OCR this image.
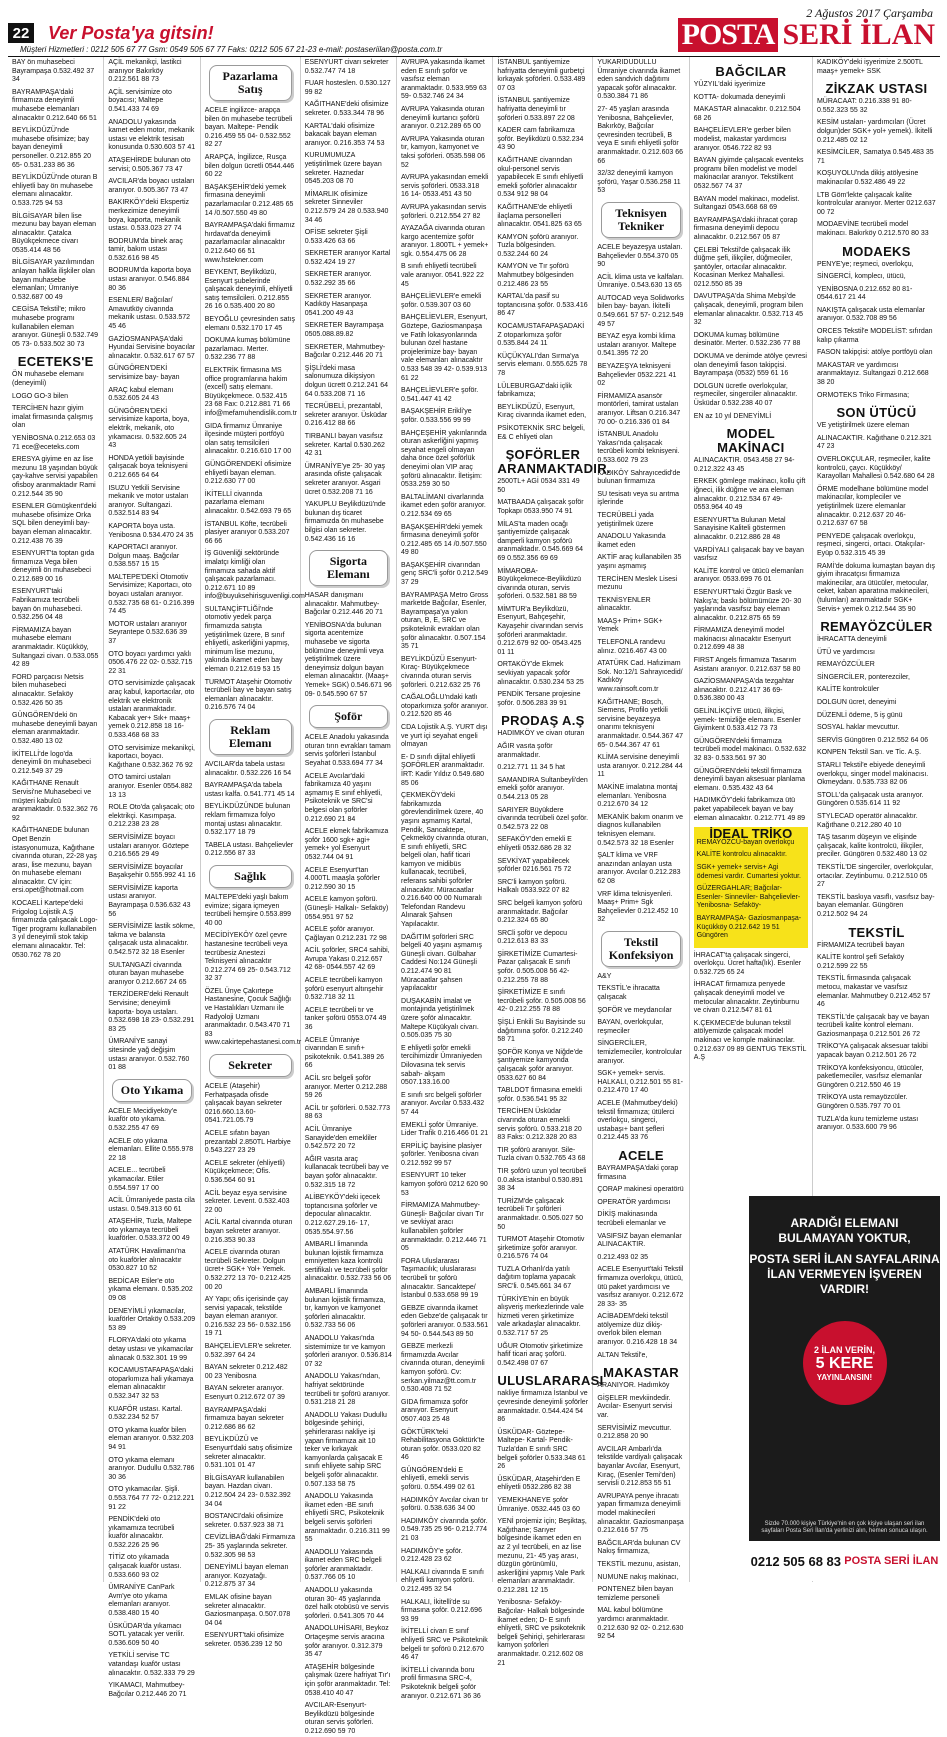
2 Ağustos 2017 Çarşamba
22 Ver Posta'ya gitsin!	POSTA SERİ İLAN
Müşteri Hizmetleri : 0212 505 67 77 Gsm: 0549 505 67 77 Faks: 0212 505 67 21-23 e-mail: postaseriilan@posta.com.tr
BAY ön muhasebeci Bayrampaşa 0.532.492 37 34
BAYRAMPAŞA'daki firmamıza deneyimli muhasebe elemanları alınacaktır 0.212.640 66 51
BEYLİKDÜZÜ'nde muhasebe ofisimize; bay bayan deneyimli personeller. 0.212.855 20 65- 0.531.233 86 36
BEYLİKDÜZÜ'nde oturan B ehliyetli bay ön muhasebe elemanı alınacaktır. 0.533.725 94 53
BİLGİSAYAR bilen lise mezunu bay bayan eleman alınacaktır. Çatalca Büyükçekmece civarı 0535.414 48 56
BİLGİSAYAR yazılımından anlayan halkla ilişkiler olan bayan muhasebe elemanları; Ümraniye 0.532.687 00 49
CEGİSA Tekstil'e; mikro muhasebe programı kullanabilen eleman aranıyor. Güneşli 0.532.749 05 73- 0.533.502 30 73
ECETEKS'E
ÖN muhasebe elemanı (deneyimli)
LOGO GO-3 bilen
TERCİHEN hazır giyim imalat firmasında çalışmış olan
YENİBOSNA 0.212.653 03 71 ece@eceteks.com
ERESYA giyime en az lise mezunu 18 yaşından büyük çay-kahve servisi yapabilen ofisboy aranmaktadır Rami 0.212.544 35 90
ESENLER Gümüşkent'deki muhasebe ofisimize Orka SQL bilen deneyimli bay- bayan eleman alınacaktır. 0.212.438 76 39
ESENYURT'ta toptan gıda firmamıza Vega bilen deneyimli ön muhasebeci 0.212.689 00 16
ESENYURT'taki Fabrikamıza tecrübeli bayan ön muhasebeci. 0.532.256 04 48
FİRMAMIZA bayan muhasebe elemanı aranmaktadır. Küçükköy, Sultangazi civarı. 0.533.055 42 89
FORD parçacısı Netsis bilen muhasebeci alınacaktır. Sefaköy 0.532.426 50 35
GÜNGÖREN'deki ön muhasebe deneyimli bayan eleman aranmaktadır. 0.532.480 13 02
İKİTELLİ'de logo'da deneyimli ön muhasebeci 0.212.549 37 29
KAĞITHANE Renault Servisi'ne Muhasebeci ve müşteri kabulcü aranmaktadır. 0.532.362 76 92
KAĞITHANEDE bulunan Opet Benzin istasyonumuza, Kağıthane civarında oturan, 22-28 yaş arası, lise mezunu, bayan ön muhasebe elemanı alınacaktır. CV için: ersi.opet@hotmail.com
KOCAELİ Kartepe'deki Frigolog Lojistik A.Ş firmamızda çalışacak Logo-Tiger programı kullanabilen 3 yıl deneyimli stok takip elemanı alınacaktır. Tel: 0530.762 78 20
AÇİL mekanikçi, lastikci aranıyor Bakırköy 0.212.561 88 73
AÇİL servisimize oto boyacısı; Maltepe 0.541.433 74 69
ANADOLU yakasında kamet eden motor, mekanik ustası ve elektrik tesisatı konusunda 0.530.603 57 41
ATAŞEHİRDE bulunan oto servisi; 0.505.367 73 47
AVCILAR'da boyacı ustaları aranıyor. 0.505.367 73 47
BAKIRKÖY'deki Ekspertiz merkezimize deneyimli boya, kaporta, mekanik ustası. 0.533.023 27 74
BODRUM'da binek araç tamir, bakım ustası 0.532.616 98 45
BODRUM'da kaporta boya ustası aranıyor. 0.546.884 80 36
ESENLER/ Bağcılar/ Amavutköy civarında mekanik ustası. 0.533.572 45 46
GAZİOSMANPAŞA'daki Hyundai Servisine boyacılar alınacaktır. 0.532.617 67 57
GÜNGÖREN'DEKİ servisimize bay- bayan
ARAÇ kabul elemanı 0.532.605 24 43
GÜNGÖREN'DEKİ servisimize kaporta, boya, elektrik, mekanik, oto yıkamacısı. 0.532.605 24 43
HONDA yetkili bayisinde çalışacak boya teknisyeni 0.212.665 64 64
ISUZU Yetkili Servisine mekanik ve motor ustaları aranıyor. Sultangazi. 0.532.514 83 94
KAPORTA boya usta. Yenibosna 0.534.470 24 35
KAPORTACI aranıyor. Dolgun maaş. Bağcılar 0.538.557 15 15
MALTEPE'DEKİ Otomotiv Servisimize; Kaportacı, oto boyacı ustaları aranıyor. 0.532.735 68 61- 0.216.399 74 45
MOTOR ustaları aranıyor Seyrantepe 0.532.636 39 37
OTO boyacı yardımcı yaklı 0506.476 22 02- 0.532.715 22 31
OTO servisimizde çalışacak araç kabul, kaportacılar, oto elektrik ve elektronik ustaları aranmaktadır. Kabacak yer+ Sık+ maaş+ yemek 0.212.858 18 16- 0.533.468 68 33
OTO servisimize mekanikçi, kaportacı, boyacı. Kağıthane 0.532.362 76 92
OTO tamirci ustaları aranıyor. Esenler 0554.882 13 13
ROLE Oto'da çalışacak; oto elektrikçi. Kasımpaşa. 0.212.238 23 28
SERVİSİMİZE boyacı ustaları aranıyor. Göztepe 0.216.565 29 49
SERVİSİMİZE boyacılar Başakşehir 0.555.992 41 16
SERVİSİMİZE kaporta ustası aranıyor. Bayrampaşa 0.536.632 43 56
SERVİSİMİZE lastik sökme, takma ve balansta çalışacak usta alınacaktır. 0.542.572 32 18 Esenler
SULTANGAZİ civarında oturan bayan muhasebe aranıyor 0.212.667 24 65
TERZİDERE'deki Renault Servisine; deneyimli kaporta- boya ustaları. 0.532.698 18 23- 0.532.291 83 25
ÜMRANİYE sanayi sitesinde yağ değişim ustası aranıyor. 0.532.760 01 88
Oto Yıkama
ACELE Mecidiyeköy'e kuaför oto yıkama. 0.532.255 47 69
ACELE oto yıkama elemanları. Ellite 0.555.978 22 18
ACELE... tecrübeli yıkamacılar. Etiler 0.554.597 17 00
ACİL Ümraniyede pasta cila ustası. 0.549.313 60 61
ATAŞEHİR, Tuzla, Maltepe oto yıkamaya tecrübeli kuaförler. 0.533.372 00 49
ATATÜRK Havalimanı'na oto kuaförler alınacaktır 0530.827 10 52
BEDİCAR Etiler'e oto yıkama elemanı. 0.535.202 09 08
DENEYİMLİ yıkamacılar, kuaförler Ortaköy 0.533.209 53 89
FLORYA'daki oto yıkama detay ustası ve yıkamacılar alınacak 0.532.301 19 99
KOCAMUSTAFAPAŞA'daki otoparkımıza hali yıkamaya eleman alınacaktır 0.532.347 32 53
KUAFÖR ustası. Kartal. 0.532.234 52 57
OTO yıkama kuaför bilen eleman aranıyor. 0.532.203 94 91
OTO yıkama elemanı aranıyor. Dudullu 0.532.786 30 36
OTO yıkamacılar. Şişli. 0.553.764 77 72- 0.212.221 91 22
PENDİK'deki oto yıkamamıza tecrübeli kuaför alınacaktır. 0.532.226 25 96
TİTİZ oto yıkamada çalışacak kuaför ustası. 0.533.660 93 02
ÜMRANİYE CanPark Avm'ye oto yıkama elemanları aranıyor. 0.538.480 15 40
ÜSKÜDAR'da yıkamacı SOTL yatacak yer verilir. 0.536.609 50 40
YETKİLİ servise TC vatandaşı kuaför ustası alınacaktır. 0.532.333 79 29
YIKAMACI, Mahmutbey-Bağcılar 0.212.446 20 71
Pazarlama Satış
ACELE ingilizce- arapça bilen ön muhasebe tecrübeli bayan. Maltepe- Pendik 0.216.459 55 04- 0.532.552 82 27
ARAPÇA, İngilizce, Rusça bilen dolgun ücretli 0544.446 60 22
BAŞAKŞEHİR'deki yemek firmasına deneyimli pazarlamacılar 0.212.485 65 14 /0.507.550 49 80
BAYRAMPAŞA'daki firmamız hırdavat'da deneyimli pazarlamacılar alınacaktır 0.212.640 66 51 www.hstekner.com
BEYKENT, Beylikdüzü, Esenyurt şubelerinde çalışacak deneyimli, ehliyetli satış temsilcileri. 0.212.855 26 16 0.535.400 20 80
BEYOĞLU çevresinden satış elemanı 0.532.170 17 45
DOKUMA kumaş bölümüne pazarlamacı. Merter. 0.532.236 77 88
ELEKTRİK firmasına MS office programlarına hakim (excell) satış elemanı. Büyükçekmece. 0.532.415 23 68 Fax: 0.212.881 71 66 info@mefamuhendislik.com.tr
GIDA firmamız Ümraniye ilçesinde müşteri portföyü olan satış temsilcileri alınacaktır. 0.216.610 17 00
GÜNGÖRENDEKİ ofisimize ehliyetli bayan eleman. 0.212.630 77 00
İKİTELLİ civarında pazarlama elemanı alınacaktır. 0.542.693 79 65
İSTANBUL Köfte, tecrübeli plasiyer aranıyor 0.533.207 66 66
İŞ Güvenliği sektöründe imalatçı kimliği olan firmamıza sahada aktif çalışacak pazarlamacı. 0.212.671 10 89 info@buyuksehirisguvenligi.com
SULTANÇİFTLİĞİ'nde otomotiv yedek parça firmamızda satışta yetiştirilmek üzere, B sınıf ehliyetli, askerliğini yapmış, minimum lise mezunu, yakında ikamet eden bay eleman 0.212.619 53 15
TURMOT Ataşehir Otomotiv tecrübeli bay ve bayan satış elemanları alınacaktır. 0.216.576 74 04
Reklam Elemanı
AVCILAR'da tabela ustası alınacaktır. 0.532.226 16 54
BAYRAMPAŞA'da tabela ustası kalfa. 0.541.771 45 14
BEYLİKDÜZÜNDE bulunan reklam firmamıza folyo montaj ustası alınacaktır. 0.532.177 18 79
TABELA ustası. Bahçelievler 0.212.556 87 33
Sağlık
MALTEPE'deki yaşlı bakım evimize; sigara içmeyen tecrübeli hemşire 0.553.899 40 00
MECİDİYEKÖY özel çevre hastanesine tecrübeli veya tecrübesiz Anestezi Teknisyeni alınacaktır 0.212.274 69 25- 0.543.712 32 37
ÖZEL Ünye Çakırtepe Hastanesine, Çocuk Sağlığı ve Hastalıkları Uzmanı ile Radyoloji Uzmanı aranmaktadır. 0.543.470 71 83 www.cakirtepehastanesi.com.tr
Sekreter
ACELE (Ataşehir) Ferhatpaşada ofisde çalışacak bayan sekreter 0216.660.13.60- 0541.721.05.79
ACELE sıfatın bayan prezantabl 2.850TL Harbiye 0.543.227 23 29
ACELE sekreter (ehliyetli) Küçükçekmece; Ofis. 0.536.564 60 91
ACİL beyaz eşya servisine sekreter. Levent. 0.532.403 22 00
ACİL Kartal civarında oturan bayan sekreter aranıyor. 0.216.353 90.33
ACELE civarında oturan tecrübeli Sekreter. Dolgun ücret+ SGK+ Yol+ Yemek. 0.532.272 13 70- 0.212.425 00 20
AY Yapı; ofis içerisinde çay servisi yapacak, tekstilde bayan eleman aranıyor. 0.216.532 23 56- 0.532.156 19 71
BAHÇELİEVLER'e sekreter. 0.532.397 64 24
BAYAN sekreter 0.212.482 00 23 Yenibosna
BAYAN sekreter aranıyor. Esenyurt 0.212.672 07 39
BAYRAMPAŞA'daki firmamıza bayan sekreter 0.212.686 86 62
BEYLİKDÜZÜ ve Esenyurt'daki satış ofisimize sekreter alınacaktır. 0.531.101 01 47
BİLGİSAYAR kullanabilen bayan. Hazdan civarı. 0.212.504 24 23- 0.532.392 34 04
BOSTANCI'daki ofisimize sekreter. 0.537.923 38 71
CEVİZLİBAĞ'daki Firmamıza 25- 35 yaşlarında sekreter. 0.532.305 98 53
DENEYİMLİ bayan eleman aranıyor. Kozyatağı. 0.212.875 37 34
EMLAK ofisine bayan sekreter alınacaktır. Gaziosmanpaşa. 0.507.078 04 04
ESENYURT'taki ofisimize sekreter. 0536.239 12 50
ESENYURT civarı sekreter 0.532.747 74 18
FUAR hosteslen. 0.530.127 99 82
KAĞITHANE'deki ofisimize sekreter. 0.533.344 78 96
KARTAL'daki ofisimize bakacak bayan eleman aranıyor. 0.216.353 74 53
KURUMUMUZA yetiştirilmek üzere bayan sekreter. Haznedar 0545.203 08 70
MİMARLIK ofisimize sekreter Sinneviler 0.212.579 24 28 0.533.940 34 46
OFİSE sekreter Şişli 0.533.426 63 66
SEKRETER aranıyor Kartal 0.532.424 19 27
SEKRETER aranıyor. 0.532.292 35 66
SEKRETER aranıyor. Kadıköy Hasanpaşa 0541.200 49 43
SEKRETER Bayrampaşa 0505.088.89.82
SEKRETER, Mahmutbey-Bağcılar 0.212.446 20 71
ŞİŞLİ'deki masa salonumuza dikişsiyon dolgun ücrett 0.212.241 64 64 0.533.208 71 16
TECRÜBELİ, prezantabl, sekreter aranıyor. Üsküdar 0.216.412 88 66
TIRBANLI bayan vasıfsız sekreter. Kartal 0.530.262 42 31
ÜMRANİYE'ye 25- 30 yaş arasında ofiste çalışacak sekreter aranıyor. Asgari ücret 0.532.208 71 16
YAKUPLU Beylikdüzü'nde bulunan dış ticaret firmamızda ön muhasebe bilgisi olan sekreter. 0.542.436 16 16
Sigorta Elemanı
HASAR danışmanı alınacaktır. Mahmutbey- Bağcılar 0.212.446 20 71
YENİBOSNA'da bulunan sigorta acentemize muhasebe ve sigorta bölümüne deneyimli veya yetiştirilmek üzere deneyimsiz dolgun bayan eleman alınacaktır. (Maaş+ Yemek+ SGK) 0.546.671 96 09- 0.545.590 67 57
Şoför
ACELE Anadolu yakasında oturan tırın evrakları tamam servis şoförleri İstanbul Seyahat 0.533.694 77 34
ACELE Avcılar'daki fabrikamıza 40 yaşını aşmamış E sınıf ehliyetli, Psikoteknik ve SRC'si belgesi olan şoförler 0.212.690 21 84
ACELE ekmek fabrikamıza şoför 1600 sgk+ agi+ yemek+ yol Esenyurt 0532.744 04 91
ACELE Esenyurt'tan 4.000TL maaşla şoförler 0.212.590 30 15
ACELE kamyon şoförü. (Güneşli- Halkalı- Sefaköy) 0554.951 97 52
ACELE şoför aranıyor. Çağlayan 0.212.231 72 98
ACİL şoförler, SRC4 sahibi, Avrupa Yakası 0.212.657 42 68- 0544.557 42 69
ACELE tecrübeli kamyon şoförü esenyurt altınşehir 0.532.718 32 11
ACELE tecrübeli tır ve tanker şoförü 0553.074 49 36
ACELE Ümraniye civarından E sınıfı+ psikoteknik. 0.541.389 26 66
ACİL src belgeli şoför aranıyor. Merter 0.212.288 59 26
ACİL tır şoförleri. 0.532.773 88 63
ACİL Ümraniye Sanayide'den emekliler 0.542.572 20 72
AĞIR vasıta araç kullanacak tecrübeli bay ve bayan şoför alınacaktır. 0.532.315 18 72
ALİBEYKÖY'deki içecek toptancısına şoförler ve depocular alınacaktır. 0.212.627.29.16- 17, 0535.554.97.56
AMBARLI limanında bulunan lojistik firmamıza emniyetten kaza kontrolü sertifikalı ve tecrübeli şoför alınacaktır. 0.532.733 56 06
AMBARLI limanında bulunan lojistik firmamıza, tır, kamyon ve kamyonet şoförleri alınacaktır. 0.532.733 56 06
ANADOLU Yakası'nda sistemimize tır ve kamyon şoförleri aranıyor. 0.536.814 07 32
ANADOLU Yakası'ndan, hafriyat sektöründe tecrübeli tır şoförü aranıyor. 0.531.218 21 28
ANADOLU Yakası Dudullu bölgesinde şehiriçi, şehirlerarası nakliye işi yapan firmamıza ait 10 teker ve kırkayak kamyonlarda çalışacak E sınıfı ehliyete sahip SRC belgeli şoför alınacaktır. 0.507.133 58 75
ANADOLU Yakasında ikamet eden -BE sınıfı ehliyetli SRC, Psikoteknik belgeli servis şoförleri aranmaktadır. 0.216.311 99 55
ANADOLU Yakasında ikamet eden SRC belgeli şoförler aranmaktadır. 0.537.766 05 10
ANADOLU yakasında oturan 30- 45 yaşlarında özel halk otobüsü ve servis şoförleri. 0.541.305 70 44
ANADOLUHİSARI, Beykoz Ortaçeşme servis aracına şoför aranıyor. 0.312.379 35 47
ATAŞEHİR bölgesinde çalışmak üzere hafriyat Tır'ı için şoför aranmaktadır. Tel: 0538.410 40 47
AVCILAR-Esenyurt-Beylikdüzü bölgesinde oturan servis şoförleri. 0.212.690 59 70
AVRUPA yakasında ikamet eden E sınıfı şoför ve vasıfsız eleman aranmaktadır. 0.533.959 63 59- 0.532.746 24 34
AVRUPA Yakasında oturan deneyimli kurtarıcı şoförü aranıyor. 0.212.289 65 00
AVRUPA Yakasında oturan tır, kamyon, kamyonet ve taksi şoförleri. 0535.598 06 52
AVRUPA yakasından emekli servis şoförleri. 0533.318 16 14- 0533.451 43 50
AVRUPA yakasından servis şoförleri. 0.212.554 27 82
AYAZAĞA civarında oturan kargo acentemize şoför aranıyor. 1.800TL + yemek+ sgk. 0.554.475 06 28
B sınıfı ehliyetli tecrübeli vale aranıyor. 0541.922 22 45
BAHÇELİEVLER'e emekli şoför. 0.539.307 03 60
BAHÇELİEVLER, Esenyurt, Göztepe, Gaziosmanpaşa ve Fatih lokasyonlarında bulunan özel hastane projelerimize bay- bayan vale elemanları alınacaktır 0.533 548 39 42- 0.539.913 61 22
BAHÇELİEVLER'e şoför. 0.541.447 41 42
BAŞAKŞEHİR Erikli'ye şoför. 0.533.556 99 99
BAHÇEŞEHİR yakınlarında oturan askerliğini yapmış seyahat engeli olmayan daha önce özel şoförlük deneyimi olan VIP araç şoförü alınacaktır. İletişim: 0533.259 30 50
BALTALİMANI civarlarında ikamet eden şoför aranıyor. 0.212.534 69 65
BAŞAKŞEHİR'deki yemek firmasına deneyimli şoför 0.212.485 65 14 /0.507.550 49 80
BAŞAKŞEHİR civarından genç SRC'li şoför 0.212.549 37 29
BAYRAMPAŞA Metro Gross marketde Bağcılar, Esenler, Bayrampaşa'ya yakın oturan, B, E, SRC ve psikoteknik evrakları olan şoför alınacaktır. 0.507.154 35 71
BEYLİKDÜZÜ Esenyurt-Kıraç- Büyükçekmece civarında oturan servis şoförleri. 0.212.632 25 76
CAĞALOĞLU'ndaki katlı otoparkımıza şoför aranıyor. 0.212.520 85 46
CDA Lojistik A.Ş. YURT dışı ve yurt içi seyahat engeli olmayan
E- D sınıfı dijital ehliyetli ŞOFÖRLER aranmaktadır. İRT: Kadir Yıldız 0.549.680 85 06
ÇEKMEKÖY'deki fabrikamızda görevlendirilmek üzere, 40 yaşını aşmamış Kartal, Pendik, Sancaktepe, Çekmeköy civarında oturan, E sınıfı ehliyetli, SRC belgeli olan, hafif ticari kamyon ve midibüs kullanacak, tecrübeli, referans sahibi şoförler alınacaktır. Müracaatlar 0.216.640 00 00 Numaralı Telefondan Randevu Alınarak Şahsen Yapılacaktır.
DAĞITIM şoförleri SRC belgeli 40 yaşını aşmamış Güneşli civarı. Gülbahar Caddesi No:124 Güneşli 0.212.474 90 81 Müracaatlar şahsen yapılacaktır
DUŞAKABİN imalat ve montajında yetiştirilmek üzere şoför alınacaktır. Maltepe Küçükyalı civarı. 0.505.035 75 30
E ehliyetli şoför emekli tercihimizdir Ümraniyeden Dilovasına tek servis sabah- akşam 0507.133.16.00
E sınıfı src belgeli şoförler aranıyor. Avcılar 0.533.432 57 44
EMEKLİ şoför Ümraniye. Lider Trafik 0.216.466 01 21
ERPİLİÇ bayisine plasiyer şoförler. Yenibosna civarı 0.212.592 99 57
ESENYURT 10 teker kamyon şoförü 0212 620 90 53
FİRMAMIZA Mahmutbey-Güneşli- Bağcılar civarı Tır ve sevkiyat aracı kullanabilen şoförler aranmaktadır. 0.212.446 71 05
FORA Uluslararası Taşımacılık; uluslararası tecrübeli tır şoförü alınacaktır. Sancaktepe/ İstanbul 0.533.658 99 19
GEBZE civarında ikamet eden Gebze'de çalışacak tır şoförleri aranıyor. 0.533.561 94 50- 0.544.543 89 50
GEBZE merkezli firmamızda Avcılar civarında oturan, deneyimli kamyon şoförü. Cv: serkan.yilmaz@tt.com.tr 0.530.408 71 52
GIDA firmamıza şoför aranıyor. Esenyurt 0507.403 25 48
GÖKTÜRK'teki Rehabilitasyona Göktürk'te oturan şoför. 0533.020 82 46
GÜNGÖREN'deki E ehliyetli, emekli servis şoförü. 0.554.499 02 61
HADIMKÖY Avcılar civarı tır şoförü. 0.538.636 34 00
HADIMKÖY civarında şoför. 0.549.735 25 96- 0.212.774 21 03
HADIMKÖY'e şoför. 0.212.428 23 62
HALKALI civarında E sınıfı ehliyetli kamyon şoförü. 0.212.495 32 54
HALKALI, İkitelli'de su firmasına şoför. 0.212.696 93 99
İKİTELLİ civarı E sınıf ehliyetli SRC ve Psikoteknik belgeli tır şoförü 0.212.670 46 47
İKİTELLİ civarında boru profil firmasına SRC-4, Psikoteknik belgeli şoför aranıyor. 0.212.671 36 36
İSTANBUL şantiyemize hafriyatta deneyimli gurbetçi kırkayak şoförleri. 0.533.489 07 03
İSTANBUL şantiyemize hafriyatta deneyimli tır şoförleri 0.533.897 22 08
KADER cam fabrikamıza şoför. Beylikdüzü 0.532.234 43 90
KAĞITHANE civarından okul-personel servis yapabilecek E sınıfı ehliyetli emekli şoförler alınacaktır 0.534 912 98 04
KAĞITHANE'de ehliyetli ilaçlama personelleri alınacaktır. 0541.825 63 65
KAMYON şoförü aranıyor. Tuzla bölgesinden. 0.532.244 60 24
KAMYON ve Tır şoförü Mahmutbey bölgesinden 0.212.486 23 55
KARTAL'da pasif su toptancısına şoför. 0.533.416 86 47
KOCAMUSTAFAPAŞADAKİ Z otoparkımıza şoför 0.535.844 24 11
KÜÇÜKYALI'dan Sırma'ya servis elemanı. 0.555.625 78 78
LÜLEBURGAZ'daki içlik fabrikamıza;
BEYLİKDÜZÜ, Esenyurt, Kıraç civarında ikamet eden,
PSİKOTEKNİK SRC belgeli, E& C ehliyeti olan
ŞOFÖRLER ARANMAKTADIR.
2500TL+ AGİ 0534 331 49 50
MATBAADA çalışacak şoför Topkapı 0533.950 74 91
MİLAS'ta maden ocağı şantiyemizde çalışacak damperli kamyon şoförü aranmaktadır. 0.545.669 64 69 0.552.356 69 69
MİMAROBA- Büyükçekmece-Beylikdüzü civarında oturan, servis şoförleri. 0.532.581 88 59
MİMTUR'a Beylikdüzü, Esenyurt, Bahçeşehir, Kayaşehir civarından servis şoförleri aranmaktadır. 0.212.679 92 00- 0543.425 01 11
ORTAKÖY'de Ekmek sevkiyatı yapacak şoför alınacaktır. 0.530.234 53 25
PENDİK Tersane projesine şoför. 0.506.283 39 91
PRODAŞ A.Ş
HADIMKÖY ve civarı oturan
AĞIR vasıta şoför aranmaktadır.
0.212.771 11 34 5 hat
SAMANDIRA Sultanbeyli'den emekli şoför aranıyor. 0.544.213 05 28
SARIYER Büyükdere civarında tecrübeli özel şoför. 0.542.573 22 08
SEFAKÖY'den emekli E ehliyetli 0532.686 28 32
SEVKİYAT yapabilecek şoförler 0216.561 75 72
SRC'li kamyon şoförü. Halkalı 0533.922 07 82
SRC belgeli kamyon şoförü aranmaktadır. Bağcılar 0.212.324 65 80
SRCli şoför ve depocu 0.212.613 83 33
ŞİRKETİMİZE Cumartesi-Pazar çalışacak E sınıfı şoför. 0.505.008 56 42- 0.212.255 78 88
ŞİRKETİMİZE E sınıfı tecrübeli şoför. 0.505.008 56 42- 0.212.255 78 88
ŞİŞLİ Enkili Su Bayisinde su dağıtımına şoför. 0.212.240 58 71
ŞOFÖR Konya ve Niğde'de şantiyemize kamyonda çalışacak şoför aranıyor. 0533.627 60 84
TABLDOT firmasına emekli şoför. 0.536.541 95 32
TERCİHEN Üsküdar civarında oturan emekli servis şoförü. 0.533.218 20 83 Faks: 0.212.328 20 83
TIR şoförü aranıyor. Sile- Tuzla civarı 0.532.765 43 68
TIR şoförü uzun yol tecrübeli 0.0.aksa istanbul 0.530.891 38 34
TURİZM'de çalışacak tecrübeli Tır şoförleri aranmaktadır. 0.505.027 50 50
TURMOT Ataşehir Otomotiv şirketimize şoför aranıyor. 0.216.576 74 04
TUZLA Orhanlı'da yatılı dağıtım toplama yapacak SRC'li. 0.545.661 34 67
TÜRKİYE'nin en büyük alışveriş merkezlerinde vale hizmeti veren şirketimize vale arkadaşlar alınacaktır. 0.532.717 57 25
UĞUR Otomotiv şirketimize hafif ticari araç şoförü. 0.542.498 07 67
ULUSLARARASI
nakliye firmamıza İstanbul ve çevresinde deneyimli şoförler aranmaktadır. 0.544.424 54 86
ÜSKÜDAR- Göztepe- Maltepe- Kartal- Pendik- Tuzla'dan E sınıfı SRC belgeli şoförler 0.533.348 61 26
ÜSKÜDAR, Ataşehir'den E ehliyetli 0532.286 82 38
YEMEKHANEYE şoför Ümraniye. 0532.445 03 60
YENİ projemiz için; Beşiktaş, Kağıthane; Sarıyer bölgesinde ikamet eden en az 2 yıl tecrübeli, en az lise mezunu, 21- 45 yaş arası, düzgün görünümlü, askerliğini yapmış Vale Park elemanları aranmaktadır. 0.212.281 12 15
Yenibosna- Sefaköy- Bağcılar- Halkalı bölgesinde ikamet eden; D- E sınıfı ehliyetli, SRC ve psikoteknik belgeli Şehiriçi, şehirlerarası kamyon şoförleri aranmaktadır. 0.212.602 08 21
YUKARIDUDULLU Ümraniye civarında ikamet eden sandvich dağıtımı yapacak şoför alınacaktır. 0.530.384 71 86
27- 45 yaşları arasında Yenibosna, Bahçelievler, Bakırköy, Bağcılar çevresinden tecrübeli, B veya E sınıfı ehliyetli şoför aranmaktadır. 0.212.603 66 66
32/32 deneyimli kamyon şoförü, Yaşar 0.536.258 11 53
Teknisyen Tekniker
ACELE beyazeşya ustaları. Bahçelievler 0.554.370 05 90
ACİL klima usta ve kalfaları. Ümraniye. 0.543.630 13 65
AUTOCAD veya Solidworks bilen bay- bayan. İkitelli 0.549.661 57 57- 0.212.549 49 57
BEYAZ eşya kombi klima ustaları aranıyor. Maltepe 0.541.395 72 20
BEYAZEŞYA teknisyeni Bahçelievler 0532.221 41 02
FİRMAMIZA asansör montörleri, tamirat ustaları aranıyor. Liftsan 0.216.347 70 00- 0.216.336 01 84
İSTANBUL Anadolu Yakası'nda çalışacak tecrübeli kombi teknisyeni. 0.533.602 79 23
KADIKÖY Sahrayıcedid'de bulunan firmamıza
SU tesisatı veya su arıtma işlerinde
TECRÜBELİ yada yetiştirilmek üzere
ANADOLU Yakasında ikamet eden
AKTİF araç kullanabilen 35 yaşını aşmamış
TERCİHEN Meslek Lisesi mezunu
TEKNİSYENLER alınacaktır.
MAAŞ+ Prim+ SGK+ Yemek
TELEFONLA randevu alınız. 0216.467 43 00
ATATÜRK Cad. Hafızimam Sok. No:12/1 Sahrayıcedid/ Kadıköy www.rainsoft.com.tr
KAĞITHANE; Bosch, Siemens, Profilo yetkili servisine beyazeşya onarımı teknisyeni aranmaktadır. 0.544.367 47 65- 0.544.367 47 61
KLİMA servisine deneyimli usta aranıyor. 0.212.284 44 11
MAKİNE imalatına montaj elemanları. Yenibosna 0.212.670 34 12
MEKANİK bakım onarım ve diagnos kullanabilen teknisyen elemanı. 0.542.573 32 18 Esenler
ŞALT klima ve VRF anazından anlayan usta aranıyor. Avcılar 0.212.283 62 08
VRF klima teknisyenleri. Maaş+ Prim+ Sgk Bahçelievler 0.212.452 10 32
Tekstil Konfeksiyon
A&Y
TEKSTİL'e ihracatta çalışacak
ŞOFÖR ve meydancılar
BAYAN, overlokçular, reşmeciler
SİNGERCİLER, temizlemeciler, kontrolcular aranıyor.
SGK+ yemek+ servis. HALKALI, 0.212.501 55 81- 0.212.470 17 40
ACELE (Mahmutbey'deki) tekstil firmamıza; ütülerci overlokçu, singerci, ustabaşı+ bant şefleri 0.212.445 33 76
ACELE
BAYRAMPAŞA'daki çorap firmasına
ÇORAP makinesi operatörü
OPERATÖR yardımcısı
DİKİŞ makinasında tecrübeli elemanlar ve
VASIFSIZ bayan elemanlar ALINACAKTIR.
0.212.493 02 35
ACELE Esenyurt'taki Tekstil firmamıza overlokçu, ütücü, ütü paket yardımcısı ve vasıfsız aranıyor. 0.212.672 28 33- 35
ACİBADEM'deki tekstil atölyemize düz dikiş- overlok bilen eleman aranıyor. 0.216.428 18 34
ALTAN Tekstil'e,
MAKASTAR
ARANIYOR. Hadımköy
GİŞELER mevkiindedir. Avcılar- Esenyurt servisi var.
SERVİSİMİZ mevcuttur. 0.212.858 20 90
AVCILAR Ambarlı'da tekstilde vardiyalı çalışacak bayanlar Avcılar, Esenyurt, Kıraç, (Esenler Temi'den) servisli 0.212.853 55 51
AVRUPAYA penye ihracatı yapan firmamıza deneyimli model makinecileri alınacaktır. Gaziosmanpaşa 0.212.616 57 75
BAĞCILAR'da bulunan CV Nakış firmamıza,
TEKSTİL mezunu, asistan,
NUMUNE nakış makinacı,
PONTENEZ bilen bayan temizleme personeli
MAL kabul bölümüne yardımcı aranmaktadır. 0.212.630 92 02- 0.212.630 92 54
BAĞCILAR
YÜZYIL'daki işyerimize
KOTTA- dokumada deneyimli
MAKASTAR alınacaktır. 0.212.504 68 26
BAHÇELİEVLER'e gerber bilen modelist, makastar yardımcısı aranıyor. 0546.722 82 93
BAYAN giyimde çalışacak eventeks programı bilen modelist ve model makinacılar aranıyor. Tekstilkent 0532.567 74 37
BAYAN model makinacı, modelist. Sultangazi 0543.668 68 69
BAYRAMPAŞA'daki ihracat çorap firmasına deneyimli depocu alınacaktır. 0.212.567 05 87
ÇELEBİ Tekstil'de çalışacak ilik düğme şefi, ilikçiler, düğmeciler, şantöyler, ortacılar alınacaktır. Kocasinan Merkez Mahallesi. 0212.550 85 39
DAVUTPAŞA'da Shima Mebşi'de çalışacak, deneyimli, program bilen elemanlar alınacaktır. 0.532.713 45 32
DOKUMA kumaş bölümüne desinatör. Merter. 0.532.236 77 88
DOKUMA ve denimde atölye çevresi olan deneyimli fason takipçisi. Bayrampaşa (0532) 559 61 16
DOLGUN ücretle overlokçular, reşmeciler, singerciler alınacaktır. Üsküdar 0.532.238 40 07
EN az 10 yıl DENEYİMLİ
MODEL MAKİNACI
ALINACAKTIR. 0543.458 27 94- 0.212.322 43 45
ERKEK gömlege makinacı, kollu çift iğneci, ilik düğme ve ara eleman alınacaktır. 0.212.534 67 49- 0553.964 40 49
ESENYURT'ta Bulunan Metal Sanayisine Kaliteli göstermen alınacaktır. 0.212.886 28 48
VARDİYALI çalışacak bay ve bayan vasıfsız
KALİTE kontrol ve ütücü elemanları aranıyor. 0533.699 76 01
ESENYURT'taki Özgür Bask ve Nakış'a; baskı bölümümüze 20- 30 yaşlarında vasıfsız bay eleman alınacaktır. 0.212.875 65 59
FİRMAMIZA deneyimli model makinacısı alınacaktır Esenyurt 0.212.699 48 38
FIRST Angels firmamıza Tasarım Asistanı aranıyor. 0.212.637 58 80
GAZİOSMANPAŞA'da tezgahtar alınacaktır. 0.212.417 36 69- 0.536.380 00 43
GELİNLİKÇİYE ütücü, ilikçisi, yemek- temizliğe elemanı. Esenler Giyimkent 0.533.412 73 73
GÜNGÖREN'deki firmamıza tecrübeli model makinacı. 0.532.632 32 83- 0.533.561 97 30
GÜNGÖREN'deki tekstil firmamıza deneyimli bayan aksesuar planlama elemanı. 0.535.432 43 64
HADIMKÖY'deki fabrikamıza ütü paket yapabilecek bayan ve bay eleman alınacaktır. 0.212.771 49 89
İDEAL TRİKO
REMAYÖZCÜ-bayan overlokçu
KALİTE kontrolcu alınacaktır.
SGK+ yemek+ servis+ Agi ödemesi vardır. Cumartesi yoktur.
GÜZERGAHLAR; Bağcılar- Esenler- Sinneviler- Bahçelievler- Yenibosna- Sefaköy-
BAYRAMPAŞA- Gaziosmanpaşa- Küçükköy 0.212.642 19 51 Güngören
İHRACAT'ta çalışacak singerci, overlokçu. Ücret hafta(lık). Esenler 0.532.725 65 24
İHRACAT firmamıza penyede çalışacak deneyimli model ve metocular alınacaktır. Zeytinburnu ve civarı 0.212.547 81 61
K.ÇEKMECE'de bulunan tekstil atölyemizde çalışacak model makinacı ve komple makinacılar. 0.212.637 09 89 GENTUG TEKSTİL A.Ş
KADIKÖY'deki işyerimize 2.500TL maaş+ yemek+ SSK
ZİKZAK USTASI
MÜRACAAT: 0.216.338 91 80- 0.552.323 55 32
KESİM ustaları- yardımcıları (Ücret dolgun)der SGK+ yol+ yemek). İkitelli 0.212.485 02 12
KESİMCİLER, Samatya 0.545.483 35 71
KOŞUYOLU'nda dikiş atölyesine makinacılar 0.532.486 49 22
LTB Göm'lekte çalışacak kalite kontrolcular aranıyor. Merter 0212.637 00 72
MODAEVİNE tecrübeli model makinacı. Bakırköy 0.212.570 80 33
MODAEKS
PENYE'ye; reşmeci, overlokçu,
SİNGERCİ, komplecı, ütücü,
YENİBOSNA 0.212.652 80 81- 0544.617 21 44
NAKIŞTA çalışacak usta elemanlar aranıyor. 0.532.708 89 56
ORCES Tekstil'e MODELİST: sıfırdan kalıp çıkarma
FASON takipçisi: atölye portföyü olan
MAKASTAR ve yardımcısı aranmaktayız. Sultangazi 0.212.668 38 20
ORMOTEKS Triko Firmasına;
SON ÜTÜCÜ
VE yetiştirilmek üzere eleman
ALINACAKTIR. Kağıthane 0.212.321 47 23
OVERLOKÇULAR, reşmeciler, kalite kontrolcü, çaycı. Küçükköy/ Karayolları Mahallesi 0.542.680 64 28
ÖRME modelhane bölümüne model makinacılar, kompleciler ve yetiştirilmek üzere elemanlar alınacaktır. 0.212.637 20 46- 0.212.637 67 58
PENYEDE çalışacak overlokçu, reşmeci, singerci, ortacı. Otakçılar- Eyüp 0.532.315 45 39
RAMİ'de dokuma kumaştan bayan dış giyim ihracatçısı firmamıza makinecilar, ara ütücüler, metocular, ceket, kaban aparatına makinecileri, (tulumları) aranmaktadır SGK+ Servis+ yemek 0.212.544 35 90
REMAYÖZCÜLER
İHRACATTA deneyimli
ÜTÜ ve yardımcısı
REMAYÖZCÜLER
SİNGERCİLER, ponterezciler,
KALİTE kontrolcüler
DOLGUN ücret, deneyimi
DÜZENLİ ödeme, 5 iş günü
SOSYAL haklar mevcuttur.
SERVİS Güngören 0.212.552 64 06
KONPEN Tekstil San. ve Tic. A.Ş.
STARLI Tekstil'e ebiyede deneyimli overlokçu, singer model makinacısı. Okmeydanı. 0.535.733 82 06
STOLL'da çalışacak usta aranıyor. Güngören 0.535.614 11 92
STYLECAD operatör alınacaktır. Kağıthane 0.212.280 40 10
TAŞ tasarım düşeyın ve elişinde çalışacak, kalite kontrolcü, ilikçiler, preciler. Güngören 0.532.480 13 02
TEKSTİL'DE singerciler, overlokçular, ortacılar. Zeytinburnu. 0.212.510 05 27
TEKSTİL baskıya vasıflı, vasıfsız bay-bayan elemanlar. Güngören 0.212.502 94 24
TEKSTİL
FİRMAMIZA tecrübeli bayan
KALİTE kontrol şefi Sefaköy 0.212.599 22 55
TEKSTİL firmasında çalışacak metocu, makastar ve vasıfsız elemanlar. Mahmutbey 0.212.452 57 46
TEKSTİL'de çalışacak bay ve bayan tecrübeli kalite kontrol elemanı. Gaziosmanpaşa 0.212.501 26 72
TRİKO'YA çalışacak aksesuar takibi yapacak bayan 0.212.501 26 72
TRİKOYA konfeksiyoncu, ütücüler, paketlemeciler, vasıfsız elemanlar Güngören 0.212.550 46 19
TRİKOYA usta remayözcüler. Güngören 0.535.797 70 01
TUZLA'da kuru temizleme ustası aranıyor. 0.533.600 79 96
ARADIĞI ELEMANI
BULAMAYAN YOKTUR,
POSTA SERİ İLAN SAYFALARINA
İLAN VERMEYEN İŞVEREN VARDIR!
2 İLAN VERİN,
5 KERE
YAYINLANSIN!
Sizde 70.000 kişiye Türkiye'nin en çok kişiye ulaşan seri ilan sayfaları Posta Seri İlan'da yerlinizi alın, hemen sonuca ulaşın.
0212 505 68 83 POSTA SERİ İLAN
